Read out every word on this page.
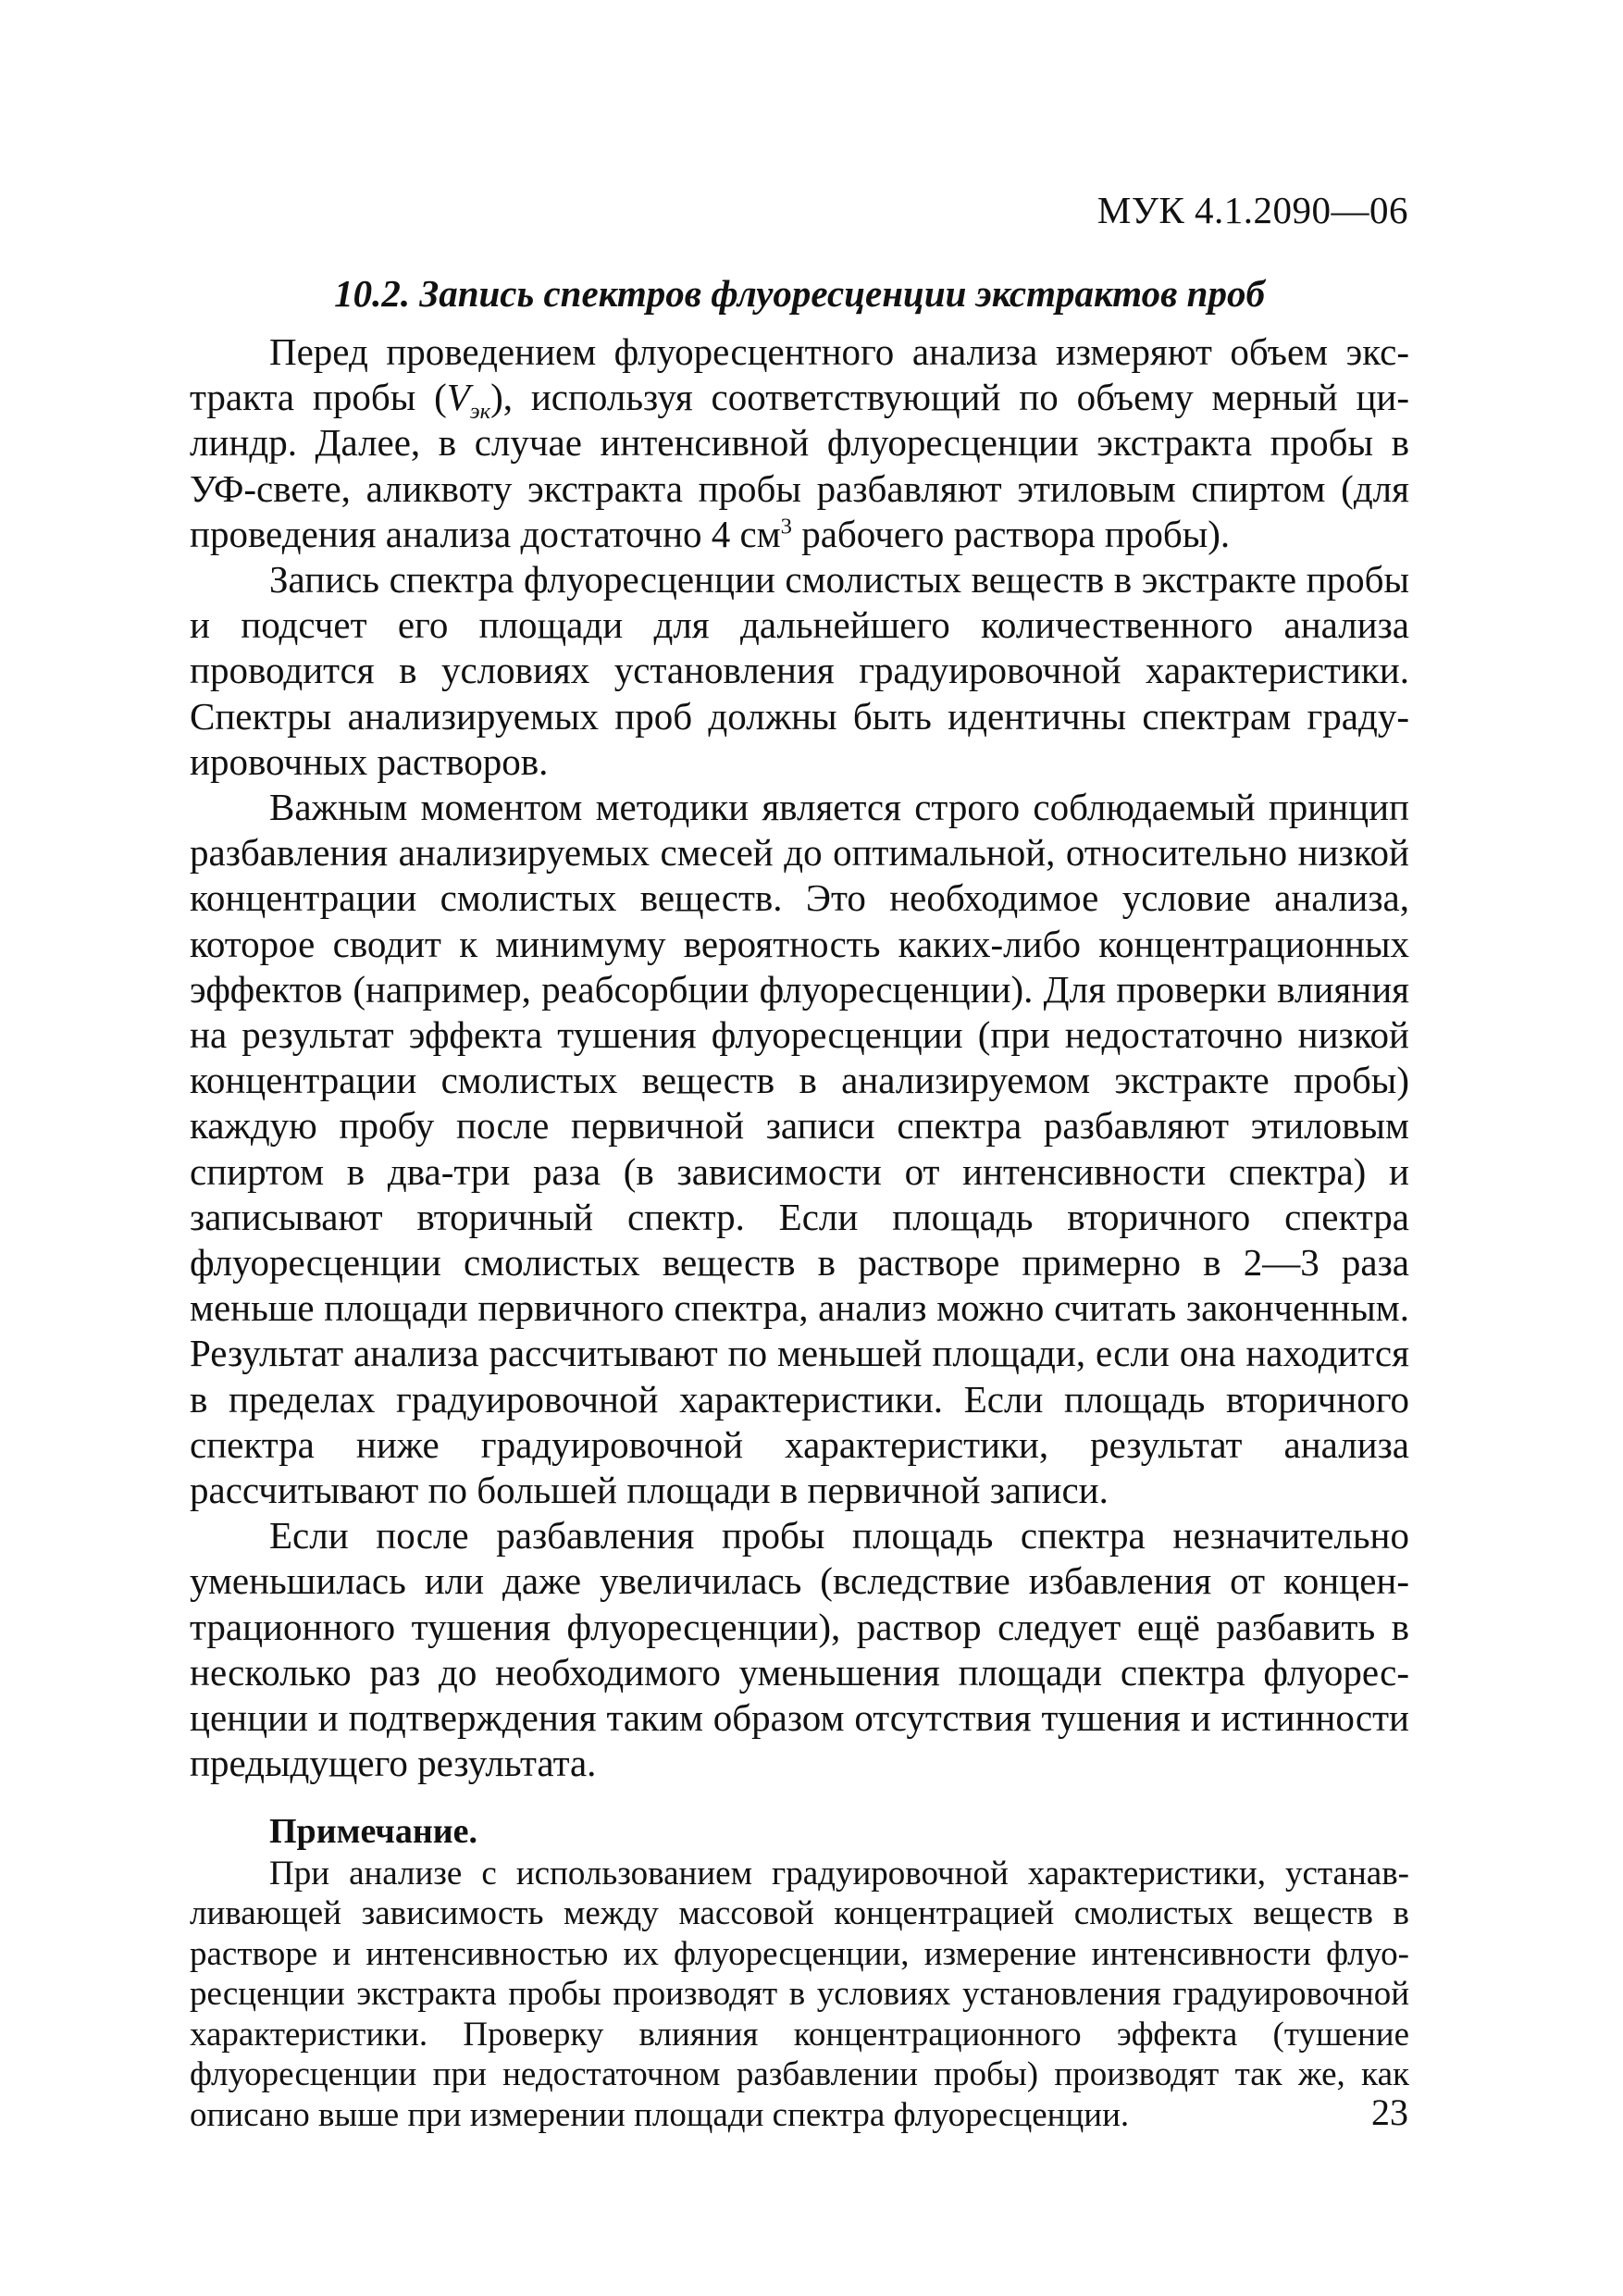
МУК 4.1.2090—06
10.2. Запись спектров флуоресценции экстрактов проб

Перед проведением флуоресцентного анализа измеряют объем экстракта пробы $(V_{эк})$, используя соответствующий по объему мерный цилиндр. Далее, в случае интенсивной флуоресценции экстракта пробы в УФ-свете, аликвоту экстракта пробы разбавляют этиловым спиртом (для проведения анализа достаточно 4 $см^3$ рабочего раствора пробы).

Запись спектра флуоресценции смолистых веществ в экстракте пробы и подсчет его площади для дальнейшего количественного анализа проводится в условиях установления градуировочной характеристики. Спектры анализируемых проб должны быть идентичны спектрам градуировочных растворов.

Важным моментом методики является строго соблюдаемый принцип разбавления анализируемых смесей до оптимальной, относительно низкой концентрации смолистых веществ. Это необходимое условие анализа, которое сводит к минимуму вероятность каких-либо концентрационных эффектов (например, реабсорбции флуоресценции). Для проверки влияния на результат эффекта тушения флуоресценции (при недостаточно низкой концентрации смолистых веществ в анализируемом экстракте пробы) каждую пробу после первичной записи спектра разбавляют этиловым спиртом в два-три раза (в зависимости от интенсивности спектра) и записывают вторичный спектр. Если площадь вторичного спектра флуоресценции смолистых веществ в растворе примерно в 2—3 раза меньше площади первичного спектра, анализ можно считать законченным. Результат анализа рассчитывают по меньшей площади, если она находится в пределах градуировочной характеристики. Если площадь вторичного спектра ниже градуировочной характеристики, результат анализа рассчитывают по большей площади в первичной записи.

Если после разбавления пробы площадь спектра незначительно уменьшилась или даже увеличилась (вследствие избавления от концентрационного тушения флуоресценции), раствор следует ещё разбавить в несколько раз до необходимого уменьшения площади спектра флуоресценции и подтверждения таким образом отсутствия тушения и истинности предыдущего результата.

Примечание.

При анализе с использованием градуировочной характеристики, устанавливающей зависимость между массовой концентрацией смолистых веществ в растворе и интенсивностью их флуоресценции, измерение интенсивности флуоресценции экстракта пробы производят в условиях установления градуировочной характеристики. Проверку влияния концентрационного эффекта (тушение флуоресценции при недостаточном разбавлении пробы) производят так же, как описано выше при измерении площади спектра флуоресценции.	23
